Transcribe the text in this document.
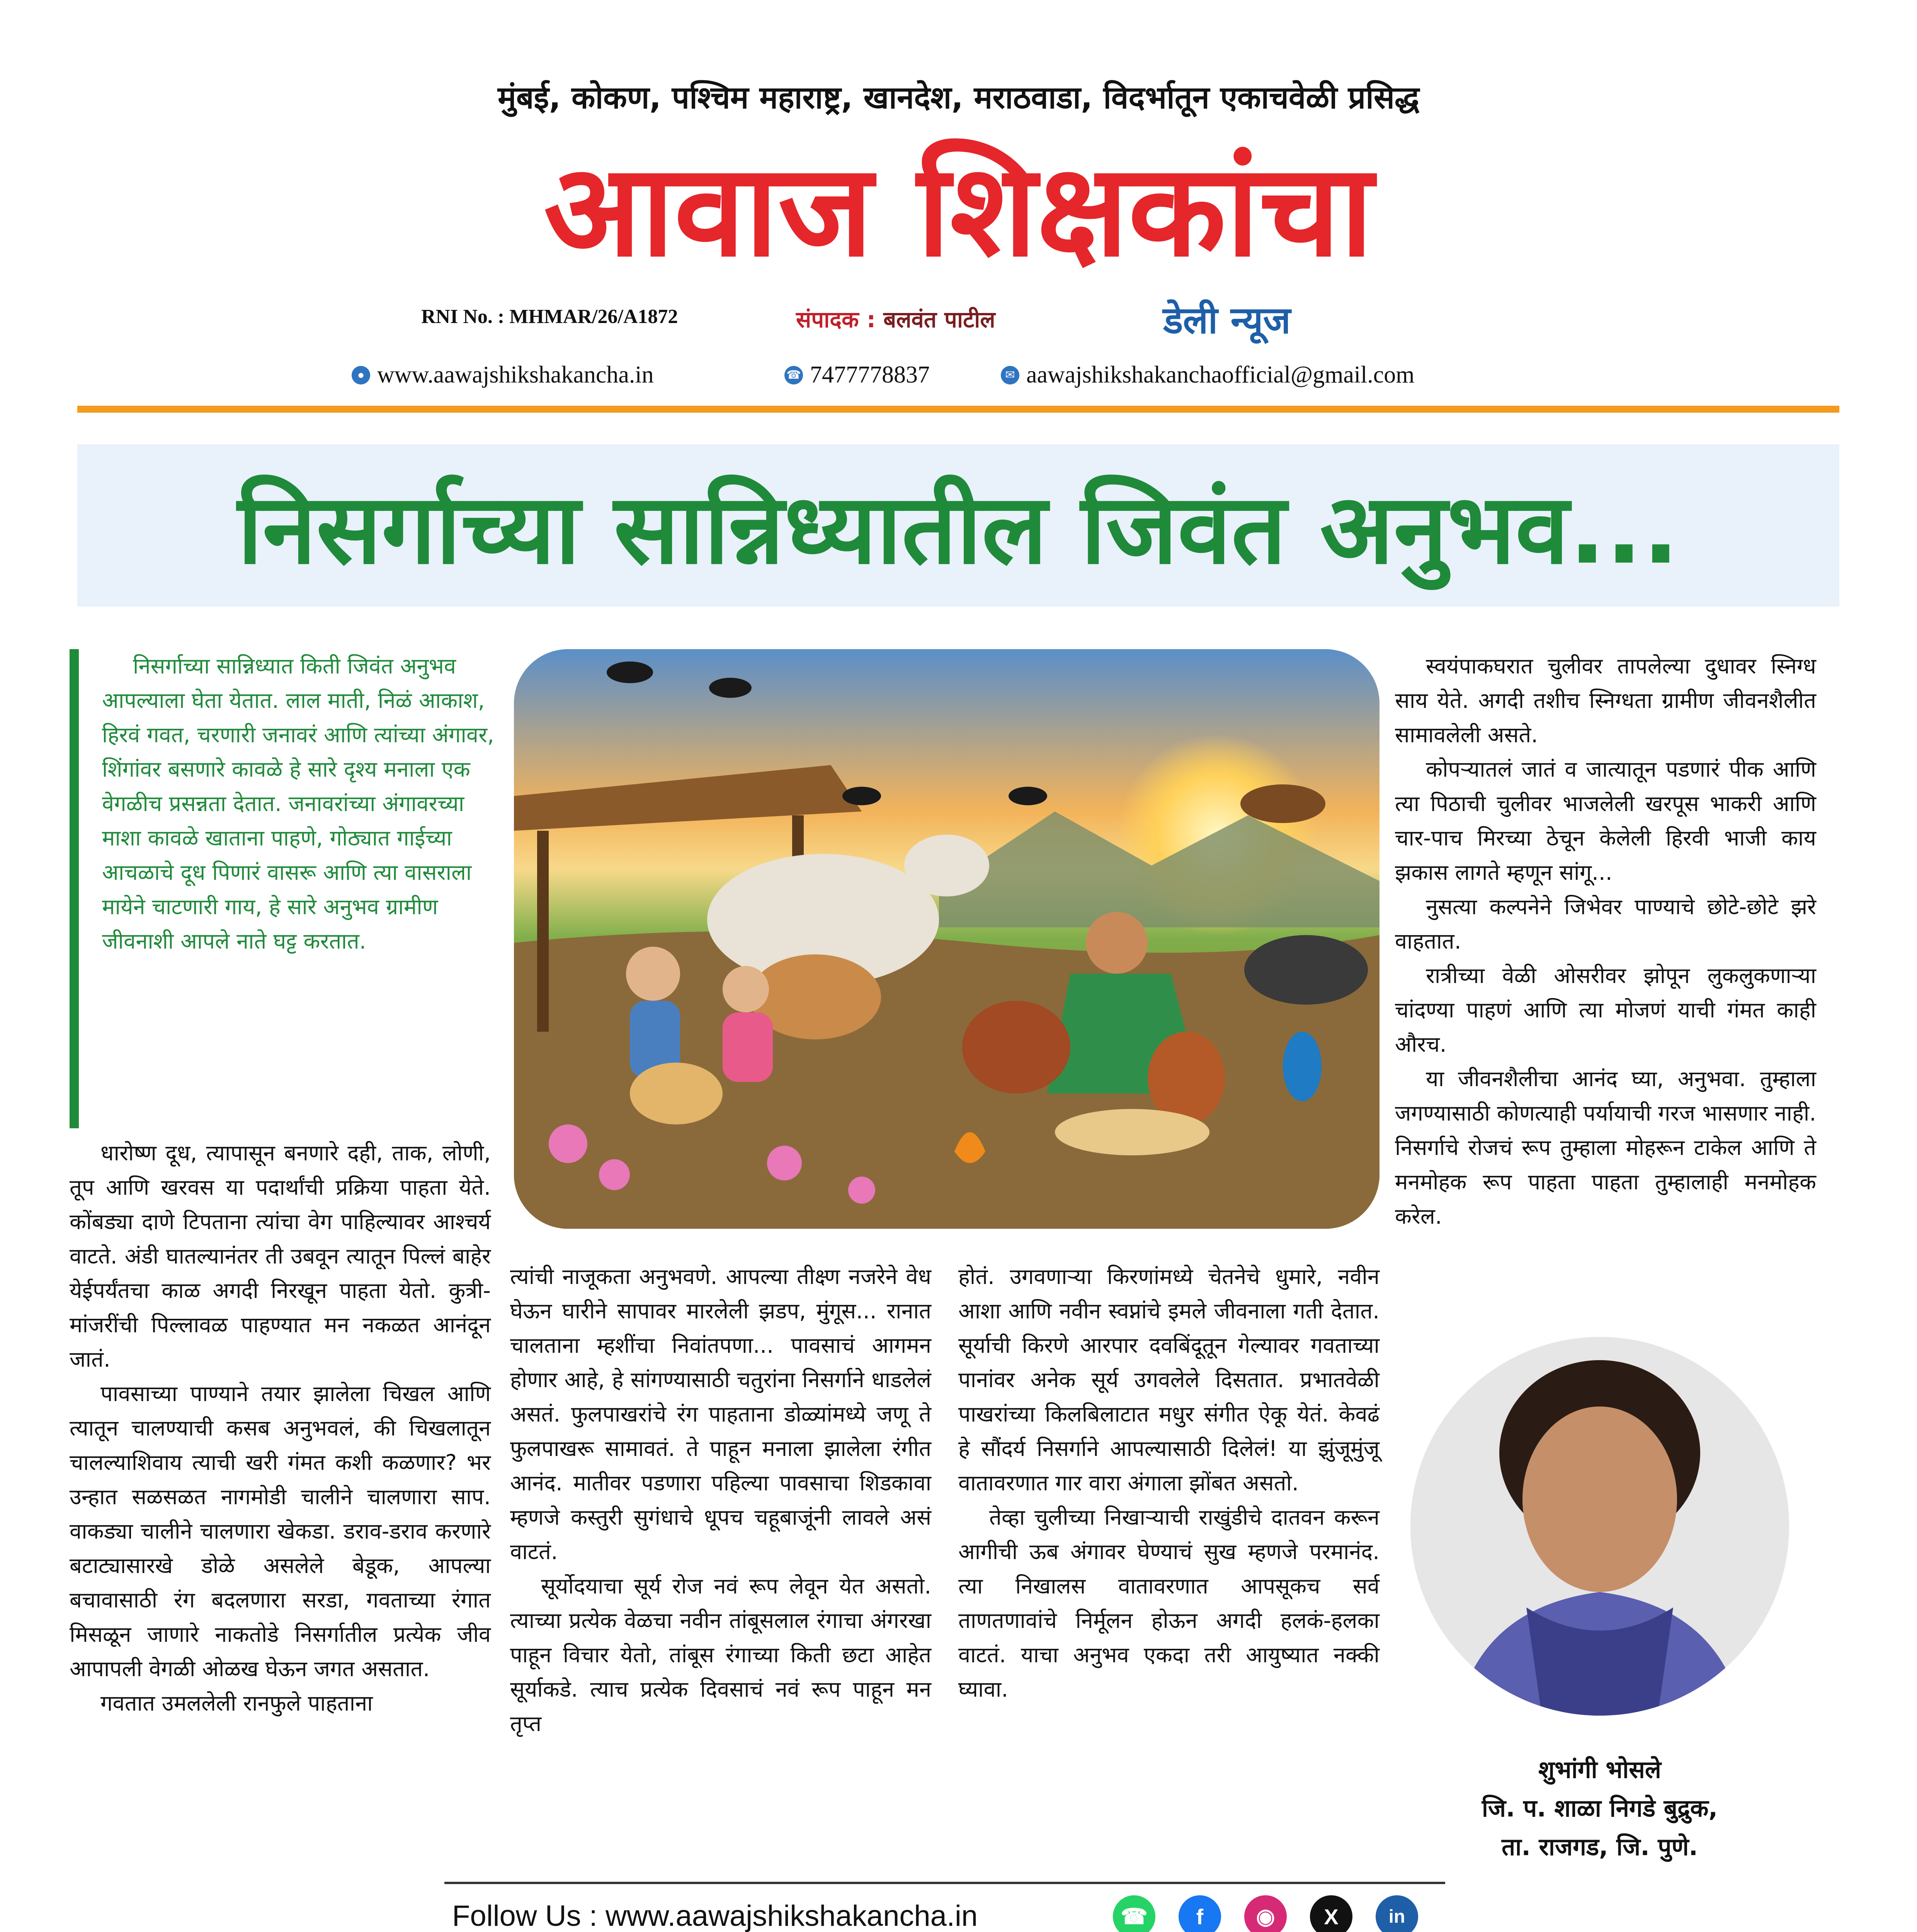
मुंबई, कोकण, पश्चिम महाराष्ट्र, खानदेश, मराठवाडा, विदर्भातून एकाचवेळी प्रसिद्ध
आवाज शिक्षकांचा
RNI No. : MHMAR/26/A1872	संपादक : बलवंत पाटील	डेली न्यूज
● www.aawajshikshakancha.in	☎ 7477778837	✉ aawajshikshakanchaofficial@gmail.com
निसर्गाच्या सान्निध्यातील जिवंत अनुभव...

निसर्गाच्या सान्निध्यात किती जिवंत अनुभव आपल्याला घेता येतात. लाल माती, निळं आकाश, हिरवं गवत, चरणारी जनावरं आणि त्यांच्या अंगावर, शिंगांवर बसणारे कावळे हे सारे दृश्य मनाला एक वेगळीच प्रसन्नता देतात. जनावरांच्या अंगावरच्या माशा कावळे खाताना पाहणे, गोठ्यात गाईच्या आचळाचे दूध पिणारं वासरू आणि त्या वासराला मायेने चाटणारी गाय, हे सारे अनुभव ग्रामीण जीवनाशी आपले नाते घट्ट करतात.

धारोष्ण दूध, त्यापासून बनणारे दही, ताक, लोणी, तूप आणि खरवस या पदार्थांची प्रक्रिया पाहता येते. कोंबड्या दाणे टिपताना त्यांचा वेग पाहिल्यावर आश्चर्य वाटते. अंडी घातल्यानंतर ती उबवून त्यातून पिल्लं बाहेर येईपर्यंतचा काळ अगदी निरखून पाहता येतो. कुत्री-मांजरींची पिल्लावळ पाहण्यात मन नकळत आनंदून जातं.

पावसाच्या पाण्याने तयार झालेला चिखल आणि त्यातून चालण्याची कसब अनुभवलं, की चिखलातून चालल्याशिवाय त्याची खरी गंमत कशी कळणार? भर उन्हात सळसळत नागमोडी चालीने चालणारा साप. वाकड्या चालीने चालणारा खेकडा. डराव-डराव करणारे बटाट्यासारखे डोळे असलेले बेडूक, आपल्या बचावासाठी रंग बदलणारा सरडा, गवताच्या रंगात मिसळून जाणारे नाकतोडे निसर्गातील प्रत्येक जीव आपापली वेगळी ओळख घेऊन जगत असतात.

गवतात उमललेली रानफुले पाहताना

त्यांची नाजूकता अनुभवणे. आपल्या तीक्ष्ण नजरेने वेध घेऊन घारीने सापावर मारलेली झडप, मुंगूस... रानात चालताना म्हशींचा निवांतपणा... पावसाचं आगमन होणार आहे, हे सांगण्यासाठी चतुरांना निसर्गाने धाडलेलं असतं. फुलपाखरांचे रंग पाहताना डोळ्यांमध्ये जणू ते फुलपाखरू सामावतं. ते पाहून मनाला झालेला रंगीत आनंद. मातीवर पडणारा पहिल्या पावसाचा शिडकावा म्हणजे कस्तुरी सुगंधाचे धूपच चहूबाजूंनी लावले असं वाटतं.

सूर्योदयाचा सूर्य रोज नवं रूप लेवून येत असतो. त्याच्या प्रत्येक वेळचा नवीन तांबूसलाल रंगाचा अंगरखा पाहून विचार येतो, तांबूस रंगाच्या किती छटा आहेत सूर्याकडे. त्याच प्रत्येक दिवसाचं नवं रूप पाहून मन तृप्त

होतं. उगवणाऱ्या किरणांमध्ये चेतनेचे धुमारे, नवीन आशा आणि नवीन स्वप्नांचे इमले जीवनाला गती देतात. सूर्याची किरणे आरपार दवबिंदूतून गेल्यावर गवताच्या पानांवर अनेक सूर्य उगवलेले दिसतात. प्रभातवेळी पाखरांच्या किलबिलाटात मधुर संगीत ऐकू येतं. केवढं हे सौंदर्य निसर्गाने आपल्यासाठी दिलेलं! या झुंजूमुंजू वातावरणात गार वारा अंगाला झोंबत असतो.

तेव्हा चुलीच्या निखाऱ्याची राखुंडीचे दातवन करून आगीची ऊब अंगावर घेण्याचं सुख म्हणजे परमानंद. त्या निखालस वातावरणात आपसूकच सर्व ताणतणावांचे निर्मूलन होऊन अगदी हलकं-हलका वाटतं. याचा अनुभव एकदा तरी आयुष्यात नक्की घ्यावा.

स्वयंपाकघरात चुलीवर तापलेल्या दुधावर स्निग्ध साय येते. अगदी तशीच स्निग्धता ग्रामीण जीवनशैलीत सामावलेली असते.

कोपऱ्यातलं जातं व जात्यातून पडणारं पीक आणि त्या पिठाची चुलीवर भाजलेली खरपूस भाकरी आणि चार-पाच मिरच्या ठेचून केलेली हिरवी भाजी काय झकास लागते म्हणून सांगू...

नुसत्या कल्पनेने जिभेवर पाण्याचे छोटे-छोटे झरे वाहतात.

रात्रीच्या वेळी ओसरीवर झोपून लुकलुकणाऱ्या चांदण्या पाहणं आणि त्या मोजणं याची गंमत काही औरच.

या जीवनशैलीचा आनंद घ्या, अनुभवा. तुम्हाला जगण्यासाठी कोणत्याही पर्यायाची गरज भासणार नाही. निसर्गाचे रोजचं रूप तुम्हाला मोहरून टाकेल आणि ते मनमोहक रूप पाहता पाहता तुम्हालाही मनमोहक करेल.

शुभांगी भोसले
जि. प. शाळा निगडे बुद्रुक,
ता. राजगड, जि. पुणे.
Follow Us : www.aawajshikshakancha.in	☎	f	◉	X	in
